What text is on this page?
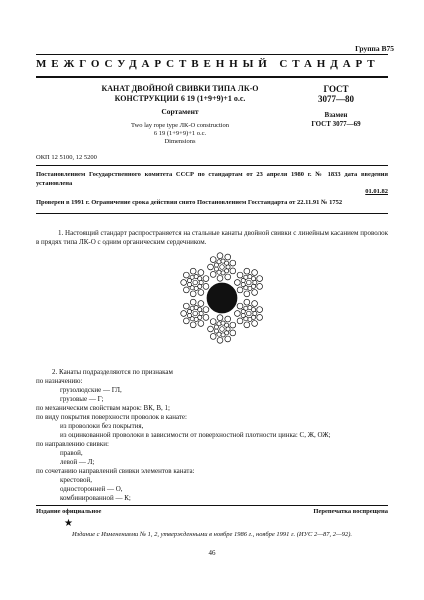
Группа В75
МЕЖГОСУДАРСТВЕННЫЙ СТАНДАРТ
КАНАТ ДВОЙНОЙ СВИВКИ ТИПА ЛК-О
КОНСТРУКЦИИ 6 19 (1+9+9)+1 о.с.
Сортамент
Two lay rope type ЛК-О construction
6 19 (1+9+9)+1 о.с.
Dimensions
ГОСТ
3077—80
Взамен
ГОСТ 3077—69
ОКП 12 5100, 12 5200
Постановлением Государственного комитета СССР по стандартам от 23 апреля 1980 г. № 1833 дата введения установлена
01.01.82
Проверен в 1991 г. Ограничение срока действия снято Постановлением Госстандарта от 22.11.91 № 1752
1. Настоящий стандарт распространяется на стальные канаты двойной свивки с линейным касанием проволок в прядях типа ЛК-О с одним органическим сердечником.
2. Канаты подразделяются по признакам
по назначению:
грузолюдские — ГЛ,
грузовые — Г;
по механическим свойствам марок: ВК, В, 1;
по виду покрытия поверхности проволок в канате:
из проволоки без покрытия,
из оцинкованной проволоки в зависимости от поверхностной плотности цинка: С, Ж, ОЖ;
по направлению свивки:
правой,
левой — Л;
по сочетанию направлений свивки элементов каната:
крестовой,
односторонней — О,
комбинированной — К;
Издание официальное	Перепечатка воспрещена
★
Издание с Изменениями № 1, 2, утвержденными в ноябре 1986 г., ноябре 1991 г. (ИУС 2—87, 2—92).
46
